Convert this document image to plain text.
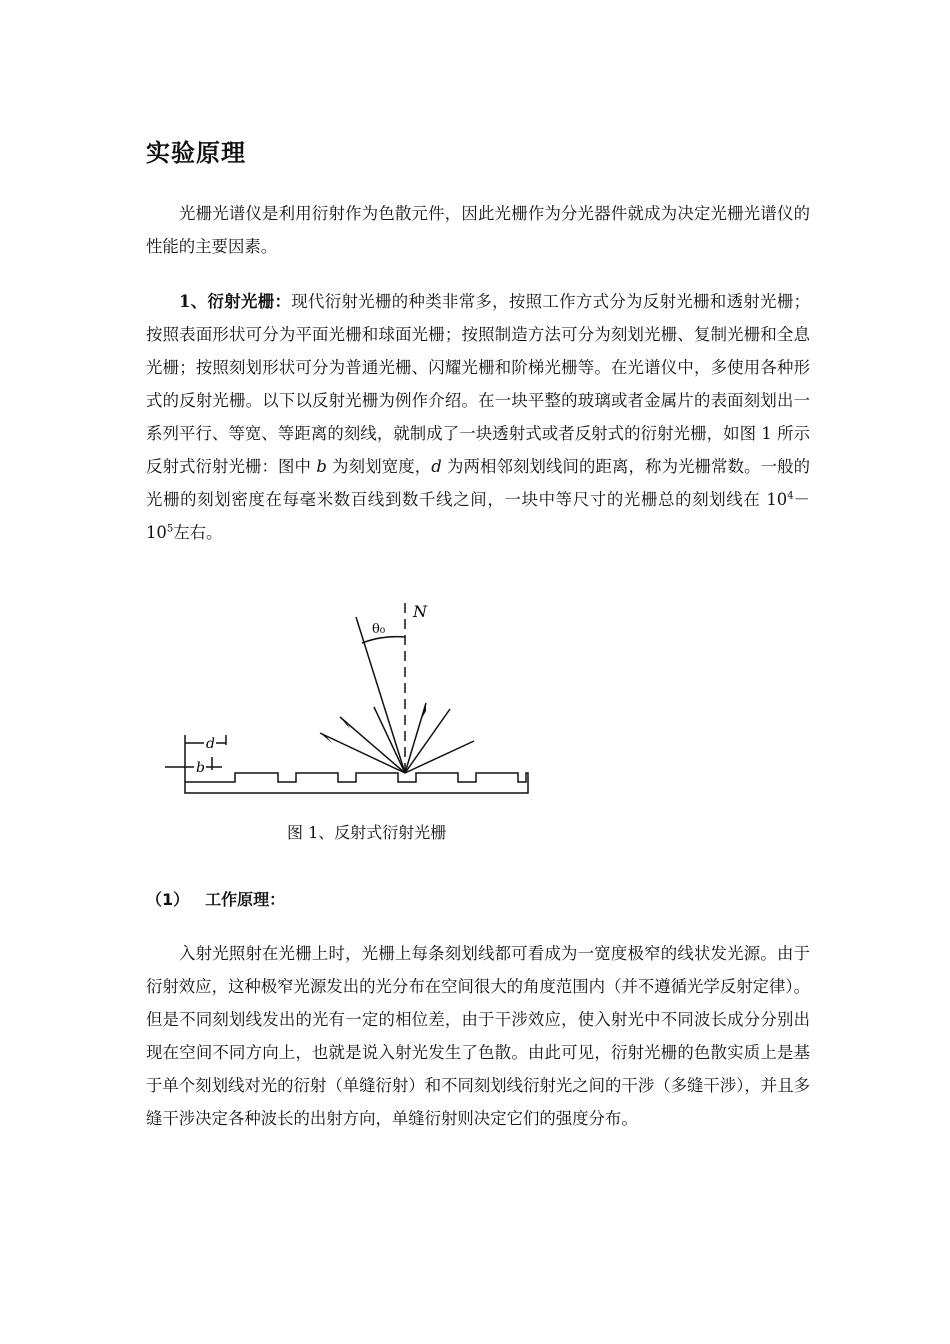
实验原理

光栅光谱仪是利用衍射作为色散元件，因此光栅作为分光器件就成为决定光栅光谱仪的性能的主要因素。

1、衍射光栅：现代衍射光栅的种类非常多，按照工作方式分为反射光栅和透射光栅；按照表面形状可分为平面光栅和球面光栅；按照制造方法可分为刻划光栅、复制光栅和全息光栅；按照刻划形状可分为普通光栅、闪耀光栅和阶梯光栅等。在光谱仪中，多使用各种形式的反射光栅。以下以反射光栅为例作介绍。在一块平整的玻璃或者金属片的表面刻划出一系列平行、等宽、等距离的刻线，就制成了一块透射式或者反射式的衍射光栅，如图 1 所示反射式衍射光栅：图中 b 为刻划宽度，d 为两相邻刻划线间的距离，称为光栅常数。一般的光栅的刻划密度在每毫米数百线到数千线之间，一块中等尺寸的光栅总的刻划线在 $10^4-10^5$左右。

N
θ₀
d
b

图 1、反射式衍射光栅

（1） 工作原理：

入射光照射在光栅上时，光栅上每条刻划线都可看成为一宽度极窄的线状发光源。由于衍射效应，这种极窄光源发出的光分布在空间很大的角度范围内（并不遵循光学反射定律）。但是不同刻划线发出的光有一定的相位差，由于干涉效应，使入射光中不同波长成分分别出现在空间不同方向上，也就是说入射光发生了色散。由此可见，衍射光栅的色散实质上是基于单个刻划线对光的衍射（单缝衍射）和不同刻划线衍射光之间的干涉（多缝干涉），并且多缝干涉决定各种波长的出射方向，单缝衍射则决定它们的强度分布。
